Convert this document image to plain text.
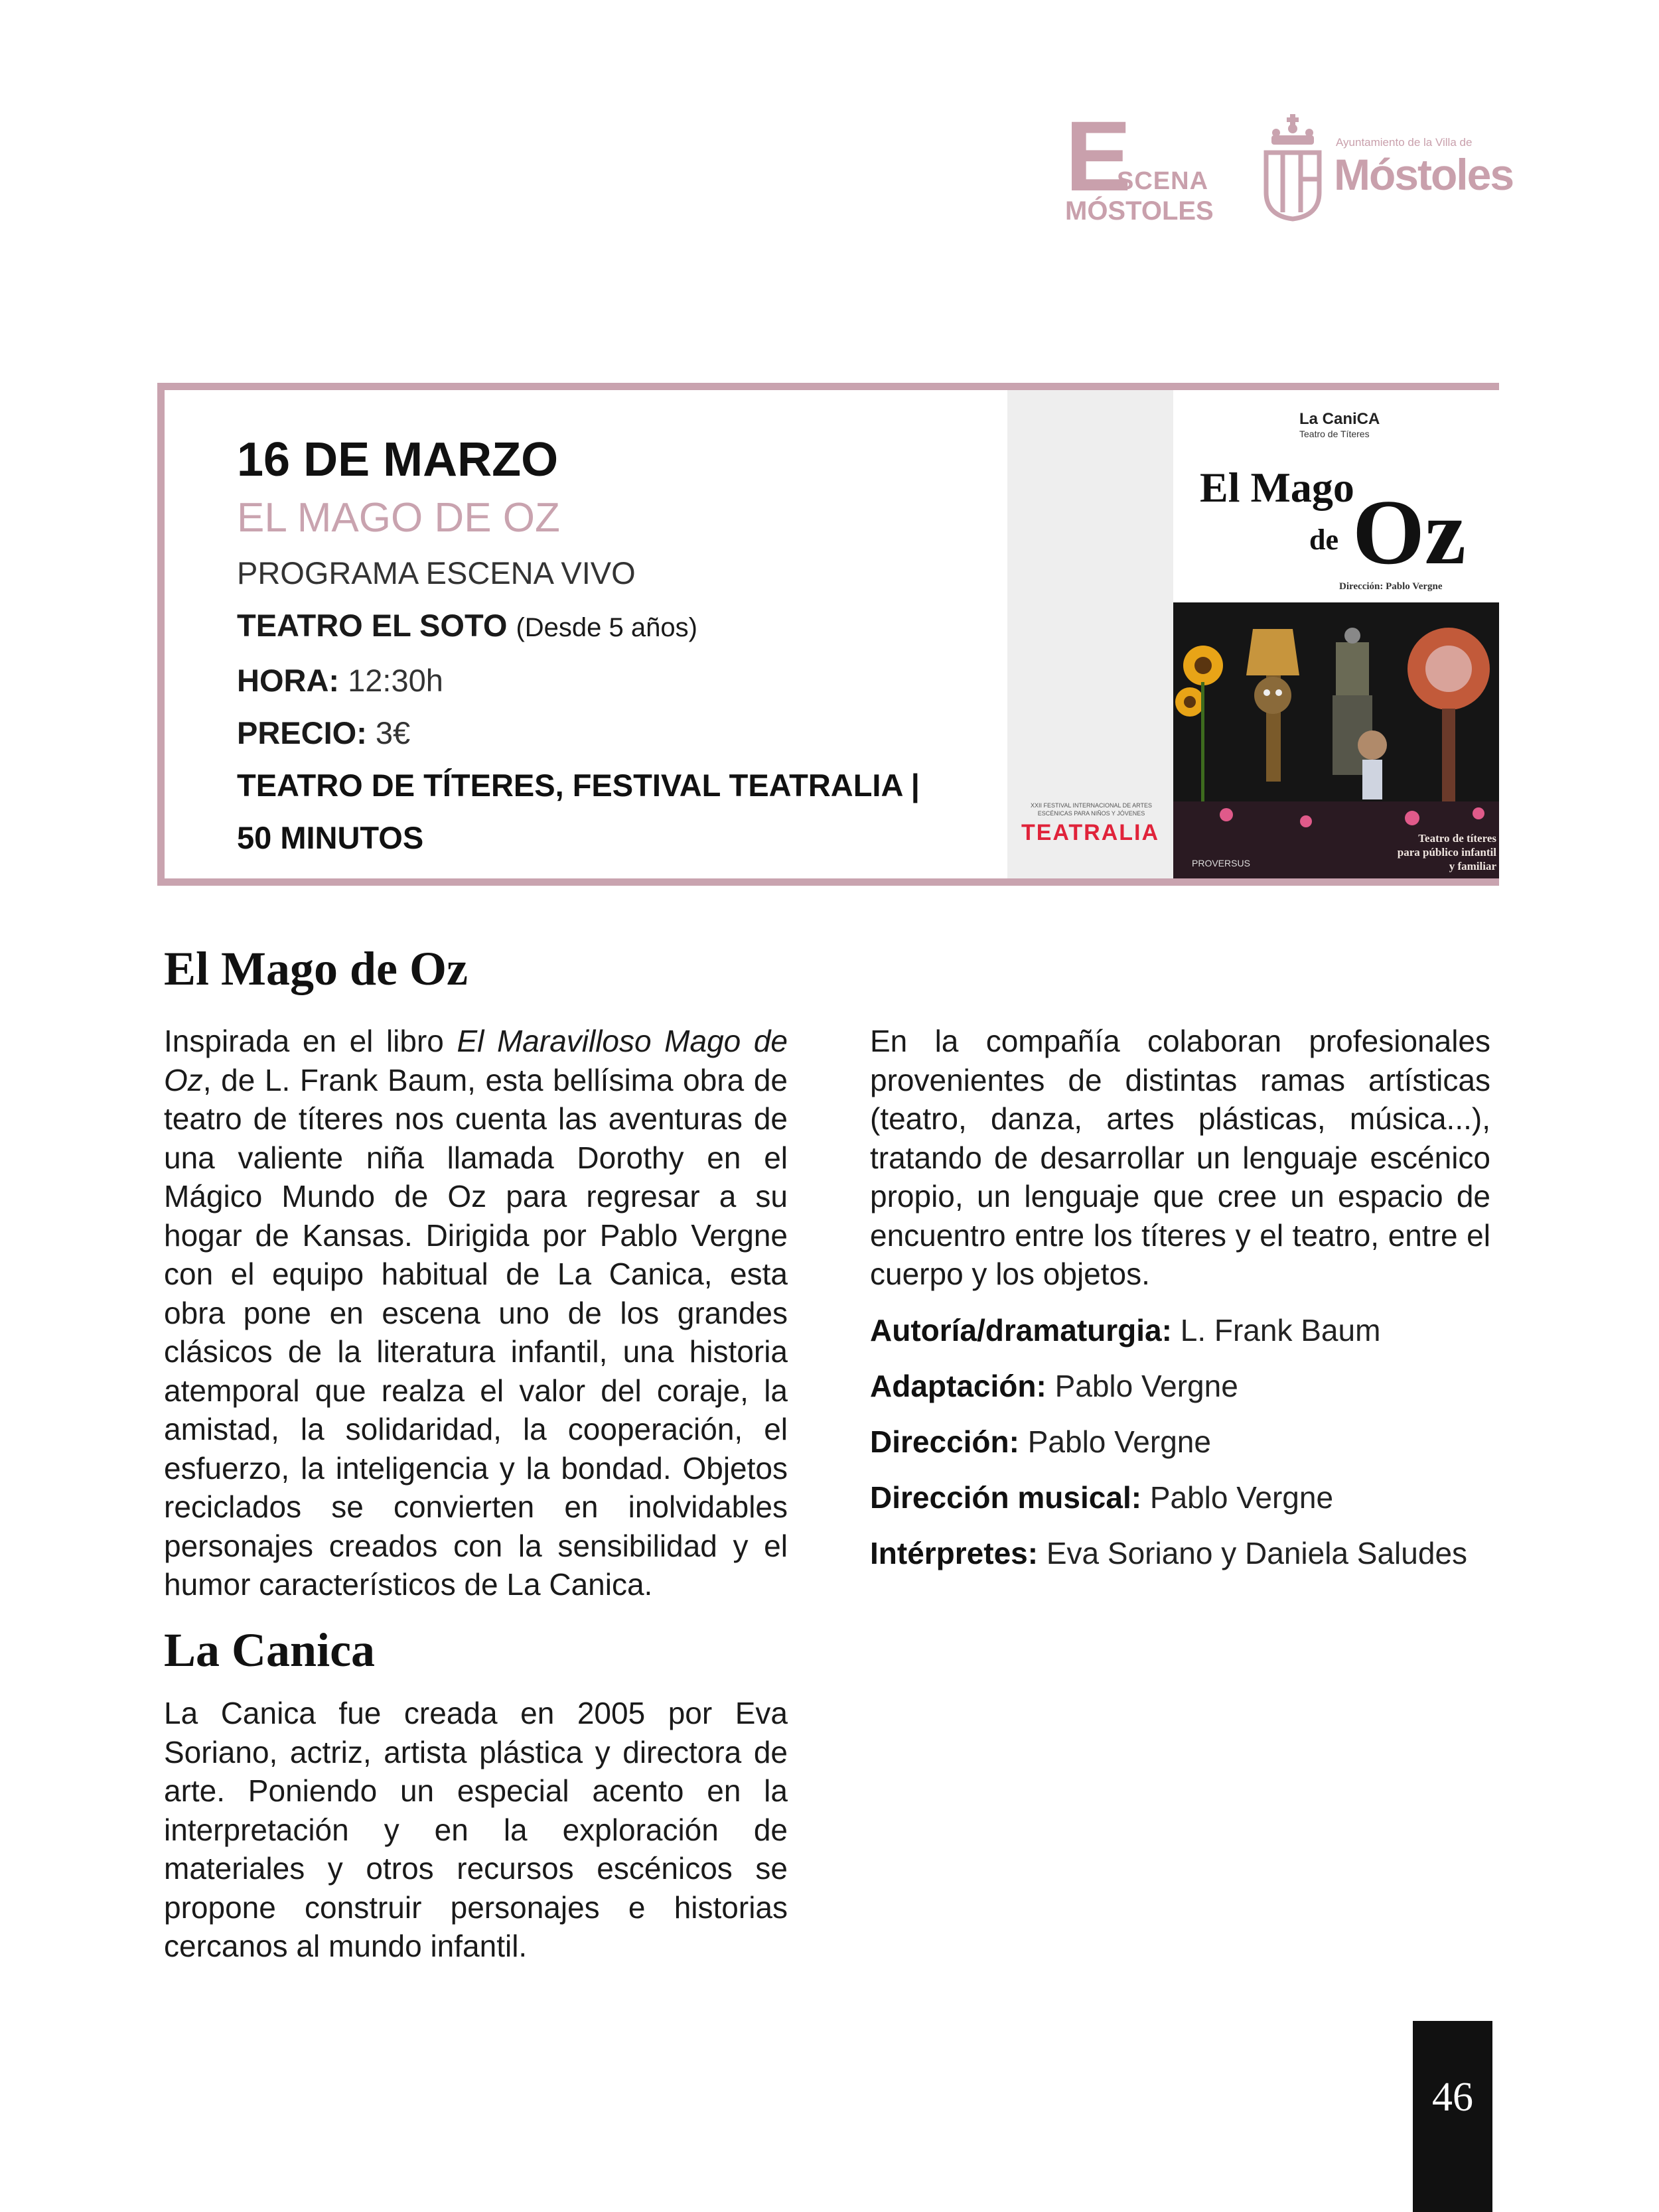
E
SCENA
MÓSTOLES
Ayuntamiento de la Villa de
Móstoles

16 DE MARZO

EL MAGO DE OZ

PROGRAMA ESCENA VIVO
TEATRO EL SOTO (Desde 5 años)
HORA: 12:30h
PRECIO: 3€
TEATRO DE TÍTERES, FESTIVAL TEATRALIA |
50 MINUTOS
XXII FESTIVAL INTERNACIONAL DE ARTES ESCÉNICAS PARA NIÑOS Y JÓVENES
TEATRALIA
La CaniCA
Teatro de Títeres
El Mago
de Oz
Dirección: Pablo Vergne
Teatro de títeres
para público infantil
y familiar
PROVERSUS
El Mago de Oz

Inspirada en el libro El Maravilloso Mago de Oz, de L. Frank Baum, esta bellísima obra de teatro de títeres nos cuenta las aventuras de una valiente niña llamada Dorothy en el Mágico Mundo de Oz para regresar a su hogar de Kansas. Dirigida por Pablo Vergne con el equipo habitual de La Canica, esta obra pone en escena uno de los grandes clásicos de la literatura infantil, una historia atemporal que realza el valor del coraje, la amistad, la solidaridad, la cooperación, el esfuerzo, la inteligencia y la bondad. Objetos reciclados se convierten en inolvidables personajes creados con la sensibilidad y el humor característicos de La Canica.

La Canica

La Canica fue creada en 2005 por Eva Soriano, actriz, artista plástica y directora de arte. Poniendo un especial acento en la interpretación y en la exploración de materiales y otros recursos escénicos se propone construir personajes e historias cercanos al mundo infantil.

En la compañía colaboran profesionales provenientes de distintas ramas artísticas (teatro, danza, artes plásticas, música...), tratando de desarrollar un lenguaje escénico propio, un lenguaje que cree un espacio de encuentro entre los títeres y el teatro, entre el cuerpo y los objetos.

Autoría/dramaturgia: L. Frank Baum
Adaptación: Pablo Vergne
Dirección: Pablo Vergne
Dirección musical: Pablo Vergne
Intérpretes: Eva Soriano y Daniela Saludes
46
